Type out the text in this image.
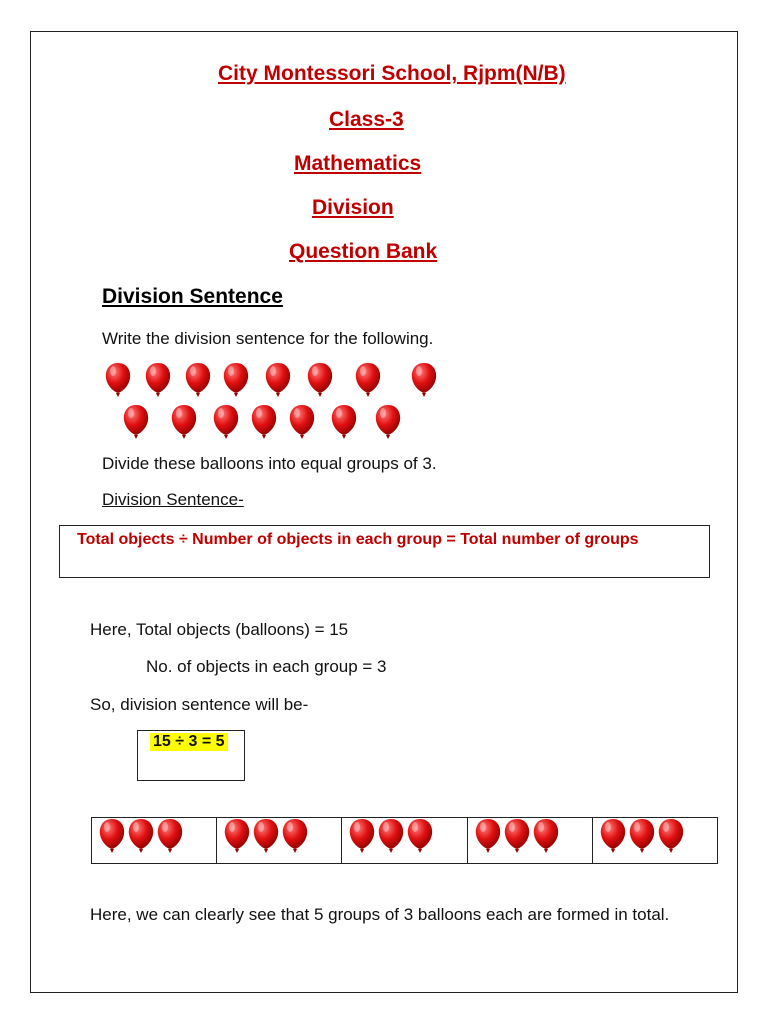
City Montessori School, Rjpm(N/B)
Class-3
Mathematics
Division
Question Bank
Division Sentence
Write the division sentence for the following.
Divide these balloons into equal groups of 3.
Division Sentence-
Total objects ÷ Number of objects in each group = Total number of groups
Here, Total objects (balloons) = 15
No. of objects in each group = 3
So, division sentence will be-
15 ÷ 3 = 5
Here, we can clearly see that 5 groups of 3 balloons each are formed in total.
